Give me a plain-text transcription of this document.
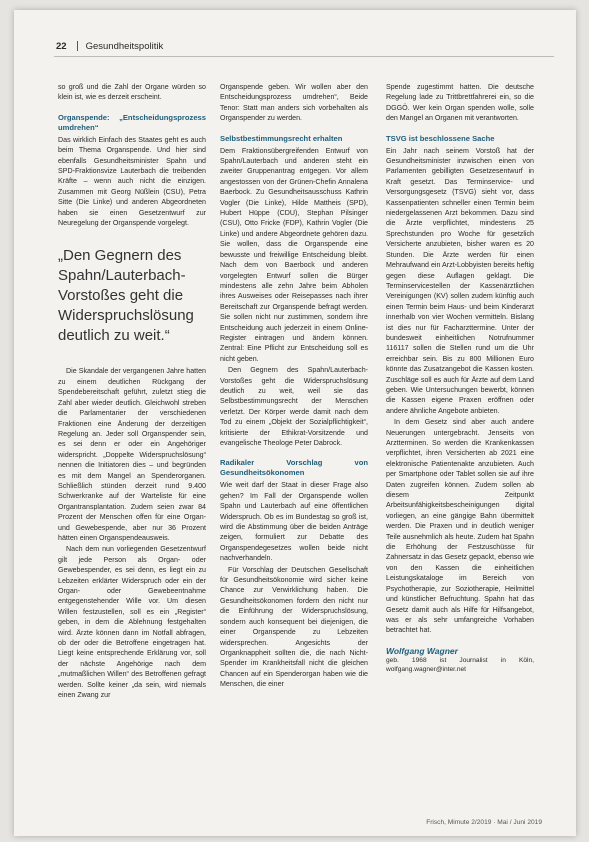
22 Gesundheitspolitik

so groß und die Zahl der Organe würden so klein ist, wie es derzeit erscheint.

Organspende: „Entscheidungsprozess umdrehen“

Das wirklich Einfach des Staates geht es auch beim Thema Organspende. Und hier sind ebenfalls Gesundheitsminister Spahn und SPD-Fraktionsvize Lauterbach die treibenden Kräfte – wenn auch nicht die einzigen. Zusammen mit Georg Nüßlein (CSU), Petra Sitte (Die Linke) und anderen Abgeordneten haben sie einen Gesetzentwurf zur Neuregelung der Organspende vorgelegt.

„Den Gegnern des Spahn/Lauterbach-Vorstoßes geht die Widerspruchslösung deutlich zu weit.“

Die Skandale der vergangenen Jahre hatten zu einem deutlichen Rückgang der Spendebereitschaft geführt, zuletzt stieg die Zahl aber wieder deutlich. Gleichwohl streben die Parlamentarier der verschiedenen Fraktionen eine Änderung der derzeitigen Regelung an. Jeder soll Organspender sein, es sei denn er oder ein Angehöriger widerspricht. „Doppelte Widerspruchslösung“ nennen die Initiatoren dies – und begründen es mit dem Mangel an Spenderorganen. Schließlich stünden derzeit rund 9.400 Schwerkranke auf der Warteliste für eine Organtransplantation. Zudem seien zwar 84 Prozent der Menschen offen für eine Organ- und Gewebespende, aber nur 36 Prozent hätten einen Organspendeausweis.

Nach dem nun vorliegenden Gesetzentwurf gilt jede Person als Organ- oder Gewebespender, es sei denn, es liegt ein zu Lebzeiten erklärter Widerspruch oder ein der Organ- oder Gewebeentnahme entgegenstehender Wille vor. Um diesen Willen festzustellen, soll es ein „Register“ geben, in dem die Ablehnung festgehalten wird. Ärzte können dann im Notfall abfragen, ob der oder die Betroffene eingetragen hat. Liegt keine entsprechende Erklärung vor, soll der nächste Angehörige nach dem „mutmaßlichen Willen“ des Betroffenen gefragt werden. Sollte keiner „da sein, wird niemals einen Zwang zur

Organspende geben. Wir wollen aber den Entscheidungsprozess umdrehen“, Beide Tenor: Statt man anders sich vorbehalten als Organspender zu werden.

Selbstbestimmungsrecht erhalten

Dem Fraktionsübergreifenden Entwurf von Spahn/Lauterbach und anderen steht ein zweiter Gruppenantrag entgegen. Vor allem angestossen von der Grünen-Chefin Annalena Baerbock. Zu Gesundheitsausschuss Kathrin Vogler (Die Linke), Hilde Mattheis (SPD), Hubert Hüppe (CDU), Stephan Pilsinger (CSU), Otto Fricke (FDP), Kathrin Vogler (Die Linke) und andere Abgeordnete gehören dazu. Sie wollen, dass die Organspende eine bewusste und freiwillige Entscheidung bleibt. Nach dem von Baerbock und anderen vorgelegten Entwurf sollen die Bürger mindestens alle zehn Jahre beim Abholen ihres Ausweises oder Reisepasses nach ihrer Bereitschaft zur Organspende befragt werden. Sie sollen nicht nur zustimmen, sondern ihre Entscheidung auch jederzeit in einem Online-Register eintragen und ändern können. Zentral: Eine Pflicht zur Entscheidung soll es nicht geben.

Den Gegnern des Spahn/Lauterbach-Vorstoßes geht die Widerspruchslösung deutlich zu weit, weil sie das Selbstbestimmungsrecht der Menschen verletzt. Der Körper werde damit nach dem Tod zu einem „Objekt der Sozialpflichtigkeit“, kritisierte der Ethikrat-Vorsitzende und evangelische Theologe Peter Dabrock.

Radikaler Vorschlag von Gesundheitsökonomen

Wie weit darf der Staat in dieser Frage also gehen? Im Fall der Organspende wollen Spahn und Lauterbach auf eine öffentlichen Widerspruch. Ob es im Bundestag so groß ist, wird die Abstimmung über die beiden Anträge zeigen, formuliert zur Debatte des Organspendegesetzes wollen beide nicht nachverhandeln.

Für Vorschlag der Deutschen Gesellschaft für Gesundheitsökonomie wird sicher keine Chance zur Verwirklichung haben. Die Gesundheitsökonomen fordern den nicht nur die Einführung der Widerspruchslösung, sondern auch konsequent bei diejenigen, die einer Organspende zu Lebzeiten widersprechen. Angesichts der Organknappheit sollten die, die nach Nicht-Spender im Krankheitsfall nicht die gleichen Chancen auf ein Spenderorgan haben wie die Menschen, die einer

Spende zugestimmt hatten. Die deutsche Regelung lade zu Trittbrettfahrerei ein, so die DGGÖ. Wer kein Organ spenden wolle, solle den Mangel an Organen mit verantworten.

TSVG ist beschlossene Sache

Ein Jahr nach seinem Vorstoß hat der Gesundheitsminister inzwischen einen von Parlamenten gebilligten Gesetzesentwurf in Kraft gesetzt. Das Terminservice- und Versorgungsgesetz (TSVG) sieht vor, dass Kassenpatienten schneller einen Termin beim niedergelassenen Arzt bekommen. Dazu sind die Ärzte verpflichtet, mindestens 25 Sprechstunden pro Woche für gesetzlich Versicherte anzubieten, bisher waren es 20 Stunden. Die Ärzte werden für einen Mehraufwand ein Arzt-Lobbyisten bereits heftig gegen diese Auflagen geklagt. Die Terminservicestellen der Kassenärztlichen Vereinigungen (KV) sollen zudem künftig auch einen Termin beim Haus- und beim Kinderarzt innerhalb von vier Wochen vermitteln. Bislang ist dies nur für Facharzttermine. Unter der bundesweit einheitlichen Notrufnummer 116117 sollen die Stellen rund um die Uhr erreichbar sein. Bis zu 800 Millionen Euro könnte das Zusatzangebot die Kassen kosten. Zuschläge soll es auch für Ärzte auf dem Land geben. Wie Untersuchungen bewerbt, können die Kassen eigene Praxen eröffnen oder andere ähnliche Angebote anbieten.

In dem Gesetz sind aber auch andere Neuerungen untergebracht. Jenseits von Arztterminen. So werden die Krankenkassen verpflichtet, ihren Versicherten ab 2021 eine elektronische Patientenakte anzubieten. Auch per Smartphone oder Tablet sollen sie auf ihre Daten zugreifen können. Zudem sollen ab diesem Zeitpunkt Arbeitsunfähigkeitsbescheinigungen digital vorliegen, an eine gängige Bahn übermittelt werden. Die Praxen und in deutlich weniger Teile ausnehmlich als heute. Zudem hat Spahn die Erhöhung der Festzuschüsse für Zahnersatz in das Gesetz gepackt, ebenso wie von den Kassen die einheitlichen Leistungskataloge im Bereich von Psychotherapie, zur Soziotherapie, Heilmittel und künstlicher Befruchtung. Spahn hat das Gesetz damit auch als Hilfe für Hilfsangebot, was er als sehr umfangreiche Vorhaben betrachtet hat.

Wolfgang Wagner
geb. 1968 ist Journalist in Köln, wolfgang.wagner@inter.net
Frisch, Mimute 2/2019 · Mai / Juni 2019
